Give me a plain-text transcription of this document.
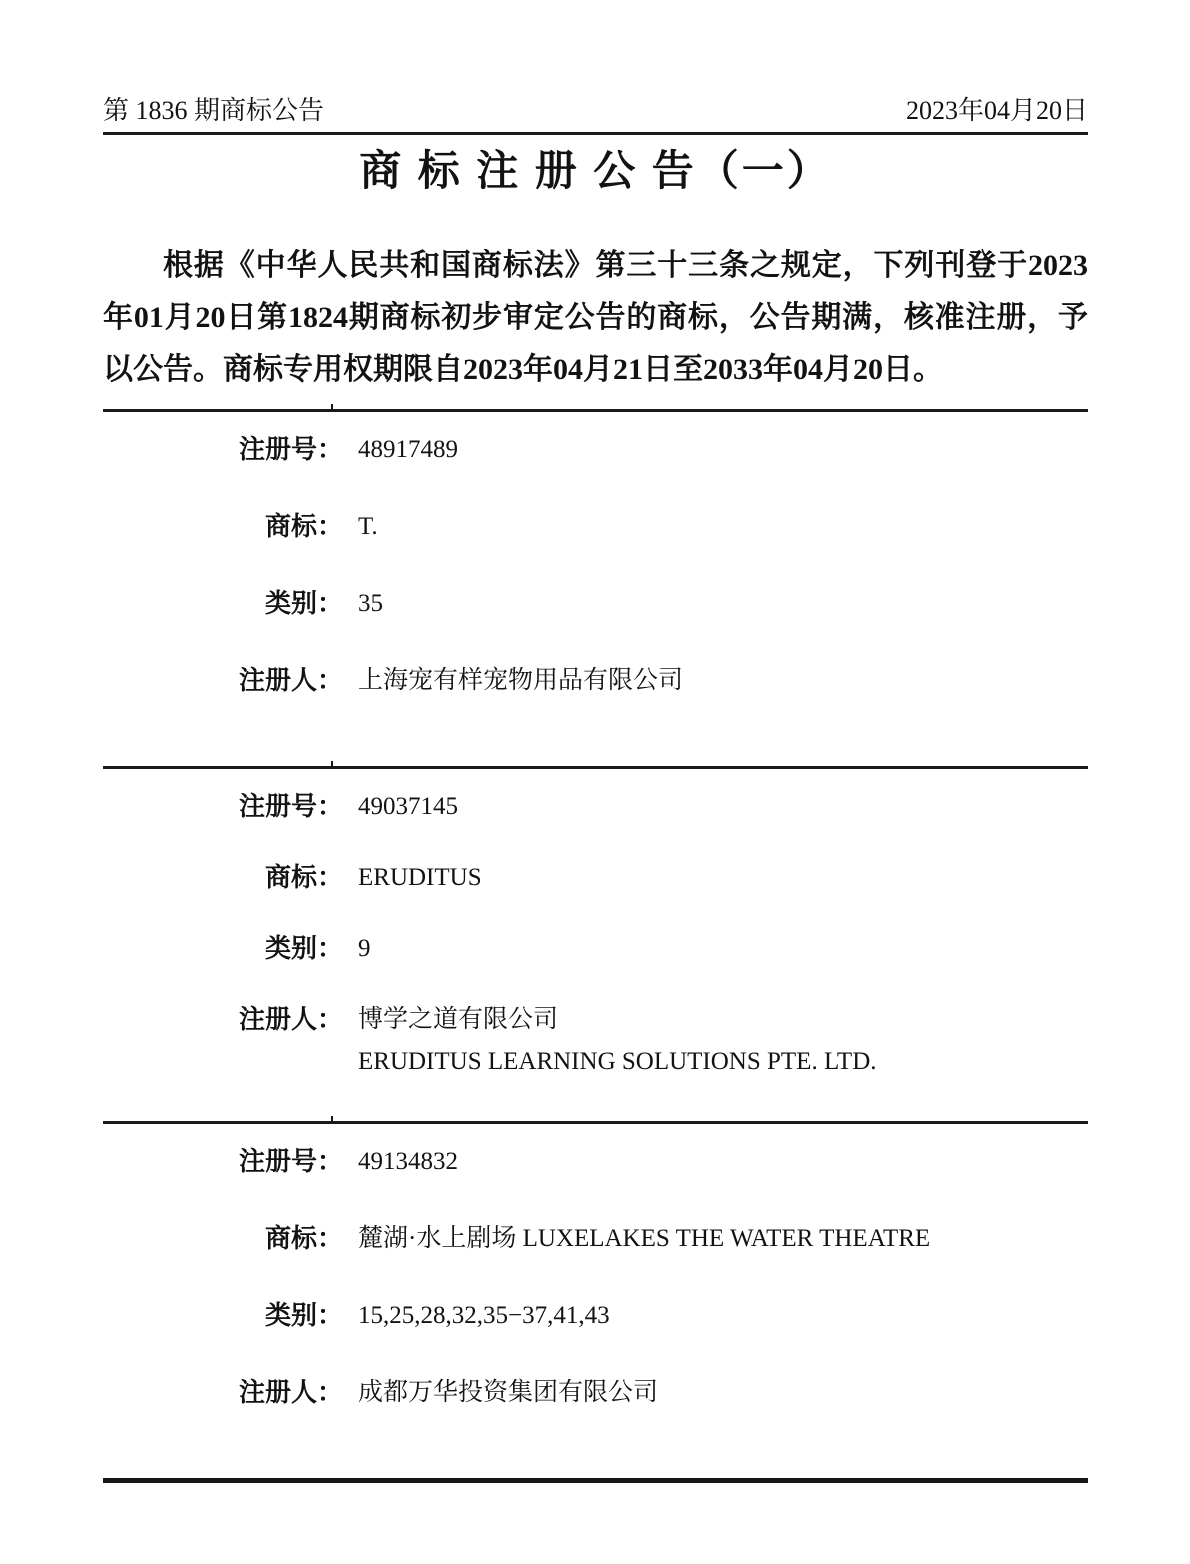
第 1836 期商标公告	2023年04月20日
商 标 注 册 公 告（一）

根据《中华人民共和国商标法》第三十三条之规定，下列刊登于2023年01月20日第1824期商标初步审定公告的商标，公告期满，核准注册，予以公告。商标专用权期限自2023年04月21日至2033年04月20日。

注册号： 48917489
商标： T.
类别： 35
注册人： 上海宠有样宠物用品有限公司
注册号： 49037145
商标： ERUDITUS
类别： 9
注册人： 博学之道有限公司
ERUDITUS LEARNING SOLUTIONS PTE. LTD.
注册号： 49134832
商标： 麓湖·水上剧场 LUXELAKES THE WATER THEATRE
类别： 15,25,28,32,35−37,41,43
注册人： 成都万华投资集团有限公司
